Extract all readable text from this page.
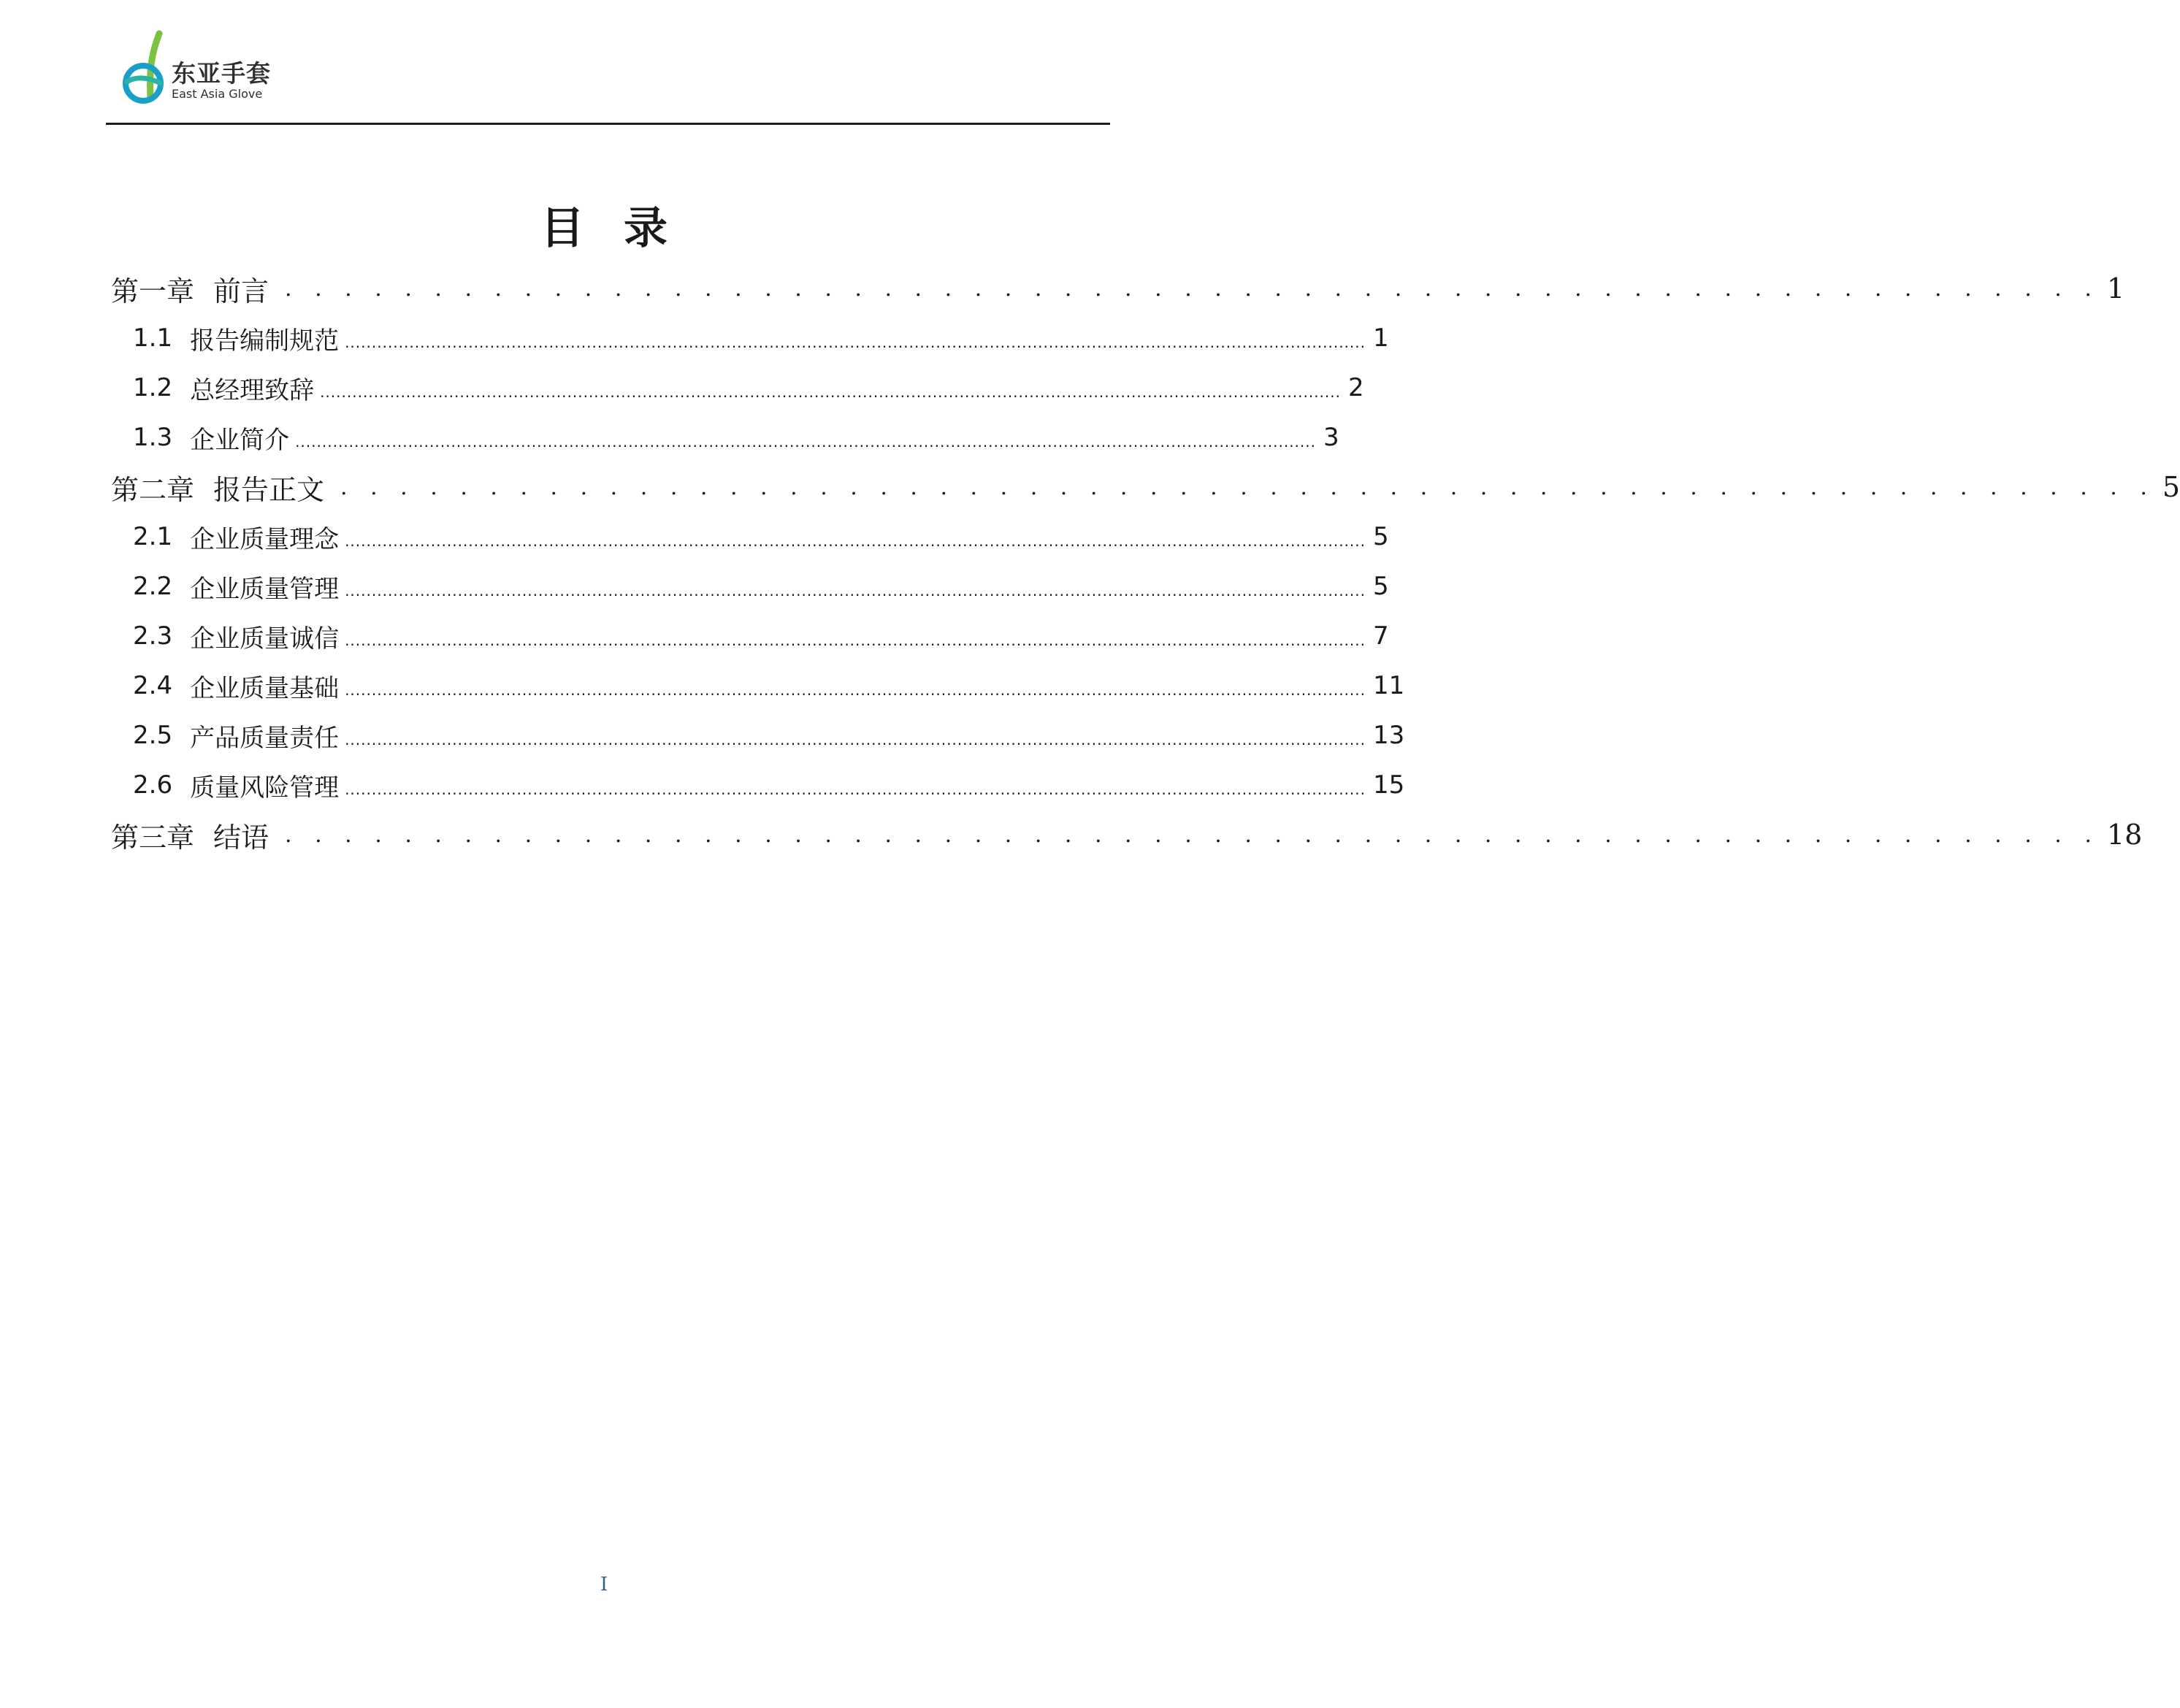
东亚手套
East Asia Glove
目录
第一章 前言 . . . . . . . . . . . . . . . . . . . . . . . . . . . . . . . . . . . . . . . . . . . . . . . . . . . . . . . . . . . . . 1
1.1 报告编制规范 .............................................................................................................................................................................................. 1
1.2 总经理致辞 .............................................................................................................................................................................................. 2
1.3 企业简介 .............................................................................................................................................................................................. 3
第二章 报告正文 . . . . . . . . . . . . . . . . . . . . . . . . . . . . . . . . . . . . . . . . . . . . . . . . . . . . . . . . . . . . . 5
2.1 企业质量理念 .............................................................................................................................................................................................. 5
2.2 企业质量管理 .............................................................................................................................................................................................. 5
2.3 企业质量诚信 .............................................................................................................................................................................................. 7
2.4 企业质量基础 .............................................................................................................................................................................................. 11
2.5 产品质量责任 .............................................................................................................................................................................................. 13
2.6 质量风险管理 .............................................................................................................................................................................................. 15
第三章 结语 . . . . . . . . . . . . . . . . . . . . . . . . . . . . . . . . . . . . . . . . . . . . . . . . . . . . . . . . . . . . . 18
I
